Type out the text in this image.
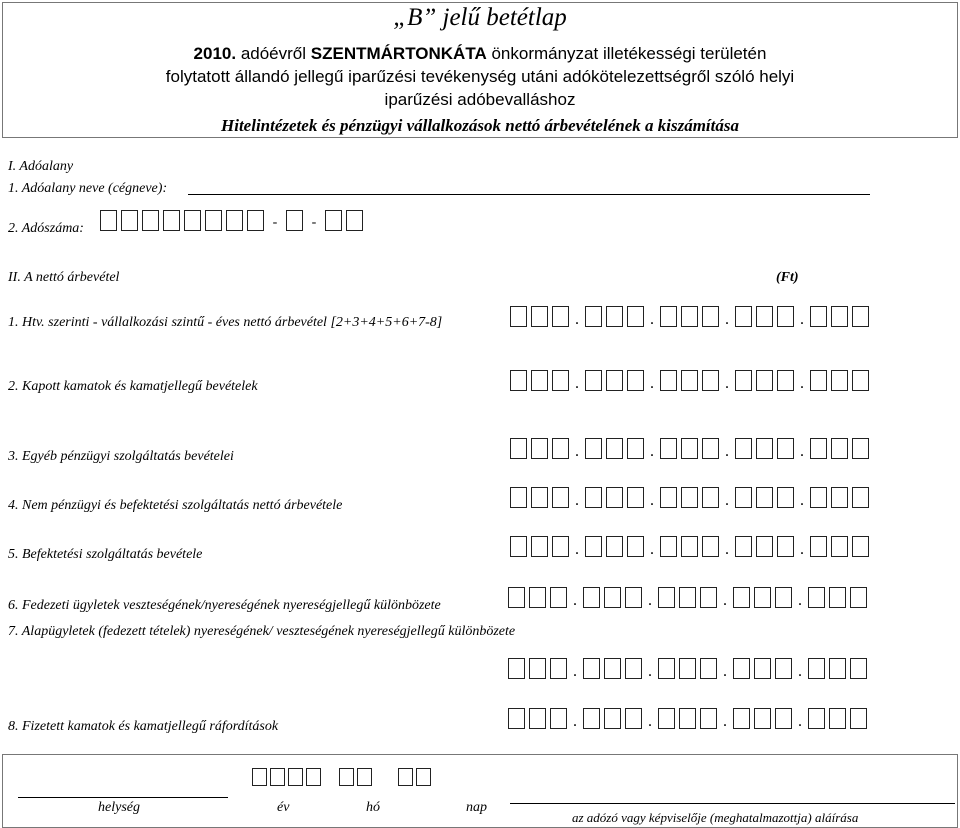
„B” jelű betétlap
2010. adóévről SZENTMÁRTONKÁTA önkormányzat illetékességi területén
folytatott állandó jellegű iparűzési tevékenység utáni adókötelezettségről szóló helyi
iparűzési adóbevalláshoz
Hitelintézetek és pénzügyi vállalkozások nettó árbevételének a kiszámítása
I. Adóalany
1. Adóalany neve (cégneve):
2. Adószáma:	-	-
II. A nettó árbevétel	(Ft)
1. Htv. szerinti - vállalkozási szintű - éves nettó árbevétel [2+3+4+5+6+7-8]
2. Kapott kamatok és kamatjellegű bevételek
3. Egyéb pénzügyi szolgáltatás bevételei
4. Nem pénzügyi és befektetési szolgáltatás nettó árbevétele
5. Befektetési szolgáltatás bevétele
6. Fedezeti ügyletek veszteségének/nyereségének nyereségjellegű különbözete
7. Alapügyletek (fedezett tételek) nyereségének/ veszteségének nyereségjellegű különbözete
8. Fizetett kamatok és kamatjellegű ráfordítások
.	.	.	.
.	.	.	.
.	.	.	.
.	.	.	.
.	.	.	.
.	.	.	.
.	.	.	.
.	.	.	.
helység	év	hó	nap
az adózó vagy képviselője (meghatalmazottja) aláírása
